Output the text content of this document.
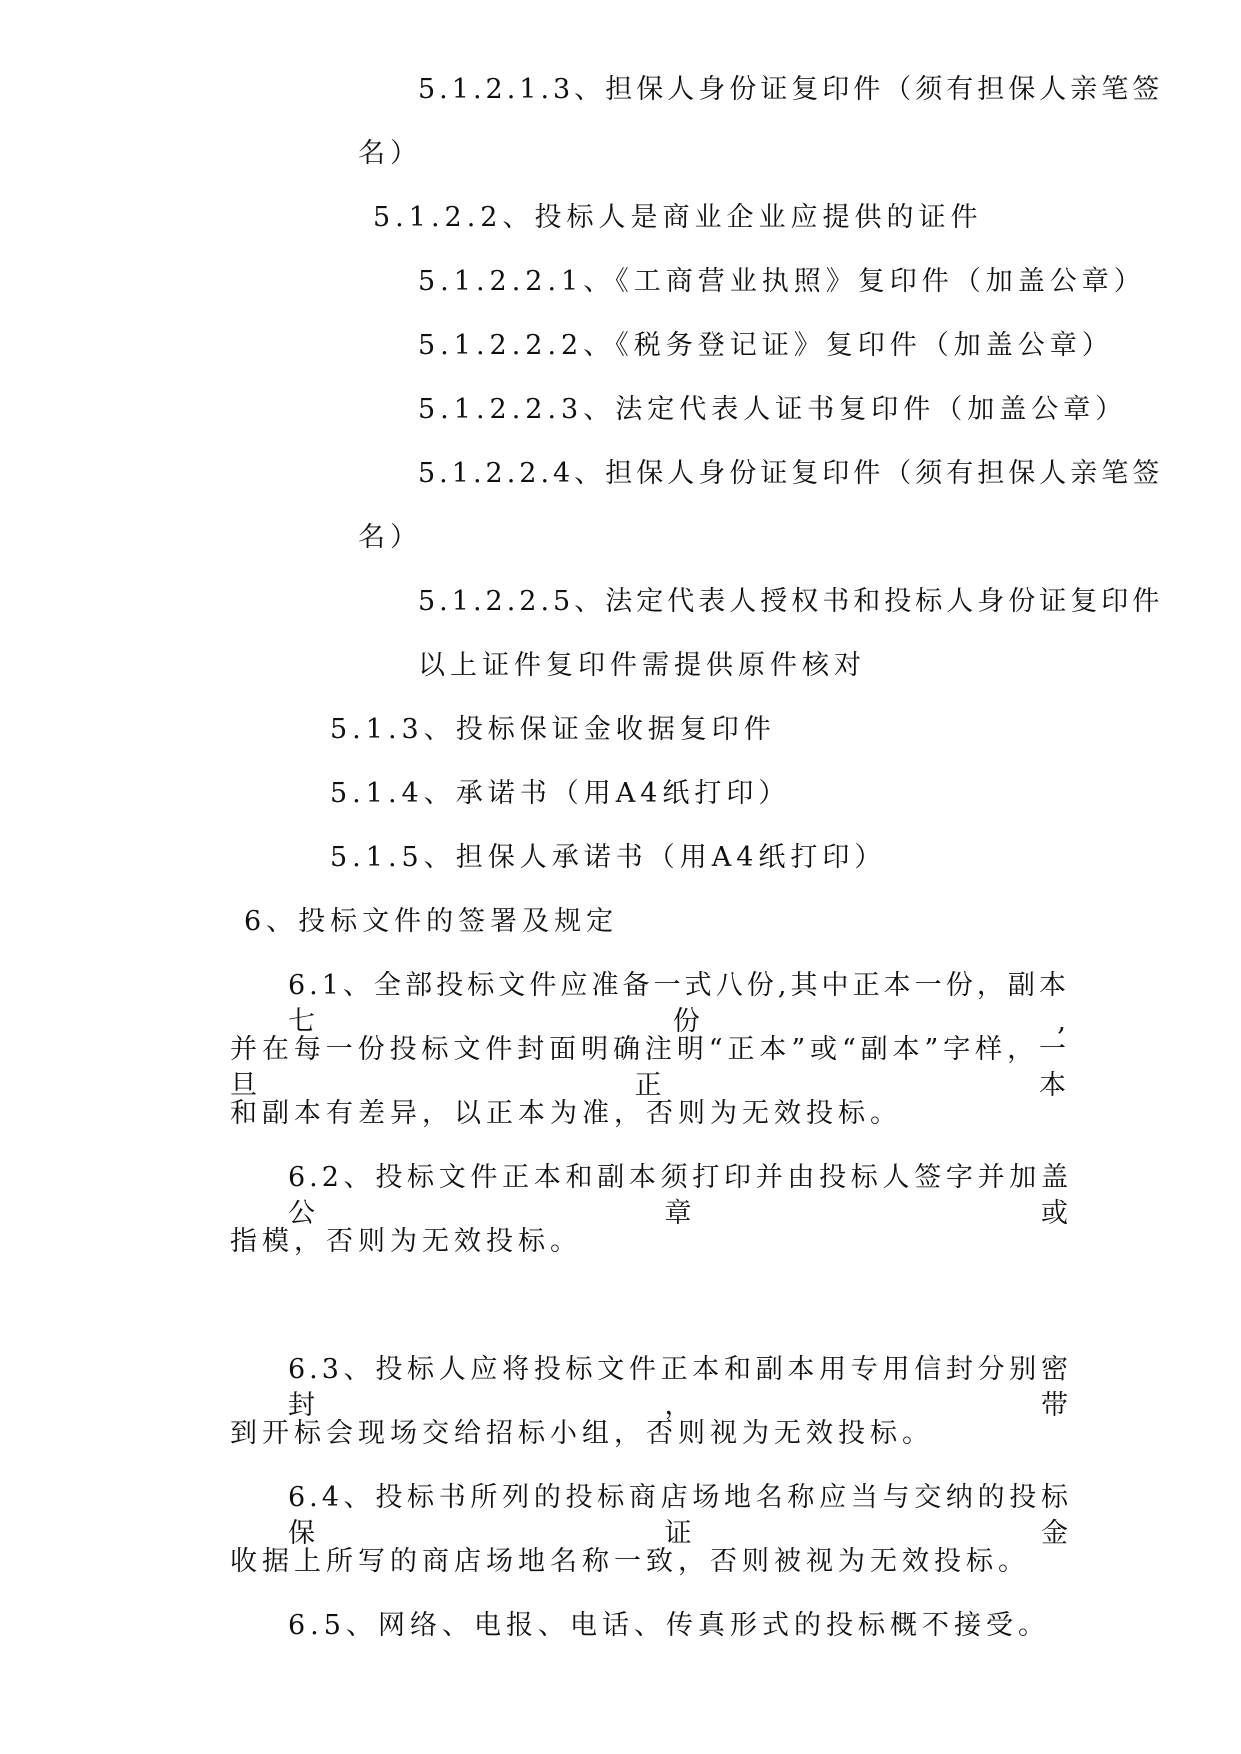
5.1.2.1.3、担保人身份证复印件（须有担保人亲笔签
名）
5.1.2.2、投标人是商业企业应提供的证件
5.1.2.2.1、《工商营业执照》复印件（加盖公章）
5.1.2.2.2、《税务登记证》复印件（加盖公章）
5.1.2.2.3、法定代表人证书复印件（加盖公章）
5.1.2.2.4、担保人身份证复印件（须有担保人亲笔签
名）
5.1.2.2.5、法定代表人授权书和投标人身份证复印件
以上证件复印件需提供原件核对
5.1.3、投标保证金收据复印件
5.1.4、承诺书（用A4纸打印）
5.1.5、担保人承诺书（用A4纸打印）
6、投标文件的签署及规定
6.1、全部投标文件应准备一式八份,其中正本一份，副本七份,
并在每一份投标文件封面明确注明“正本”或“副本”字样，一旦正本
和副本有差异，以正本为准，否则为无效投标。
6.2、投标文件正本和副本须打印并由投标人签字并加盖公章或
指模，否则为无效投标。
6.3、投标人应将投标文件正本和副本用专用信封分别密封，带
到开标会现场交给招标小组，否则视为无效投标。
6.4、投标书所列的投标商店场地名称应当与交纳的投标保证金
收据上所写的商店场地名称一致，否则被视为无效投标。
6.5、网络、电报、电话、传真形式的投标概不接受。
